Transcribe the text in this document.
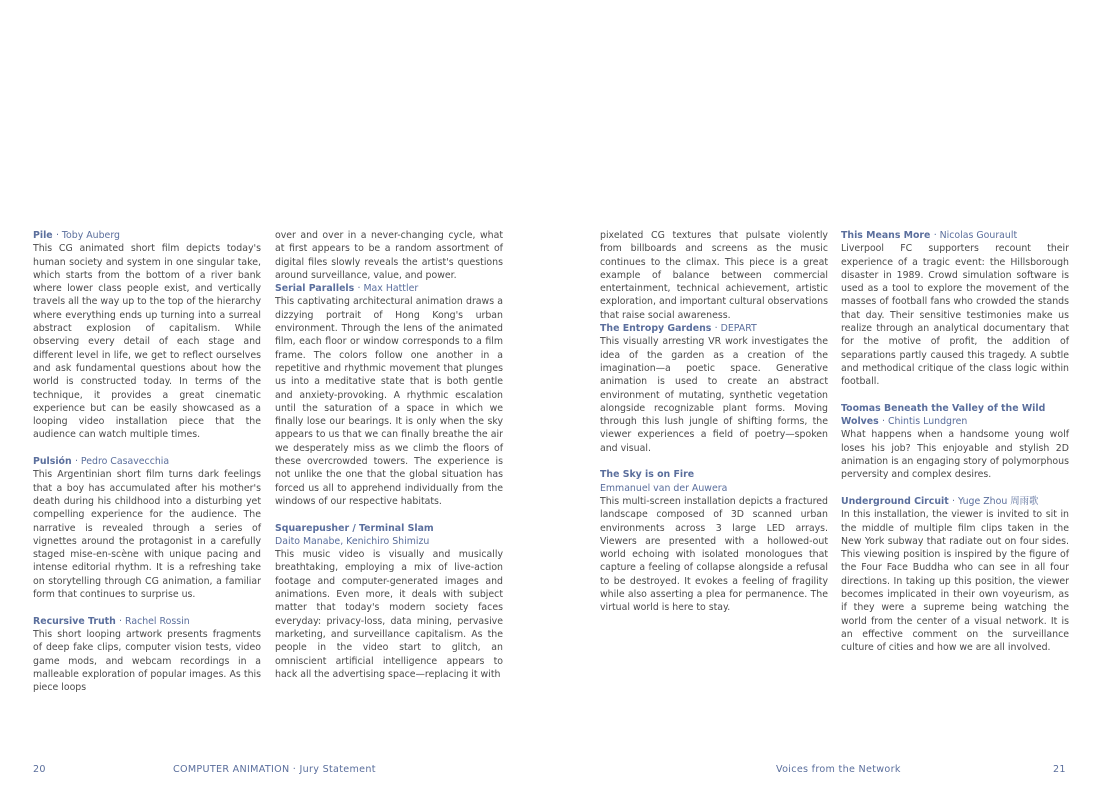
Pile · Toby Auberg

This CG animated short film depicts today's human society and system in one singular take, which starts from the bottom of a river bank where lower class people exist, and vertically travels all the way up to the top of the hierarchy where everything ends up turning into a surreal abstract explosion of capitalism. While observing every detail of each stage and different level in life, we get to reflect ourselves and ask fundamental questions about how the world is constructed today. In terms of the technique, it provides a great cinematic experience but can be easily showcased as a looping video installation piece that the audience can watch multiple times.

Pulsión · Pedro Casavecchia

This Argentinian short film turns dark feelings that a boy has accumulated after his mother's death during his childhood into a disturbing yet compelling experience for the audience. The narrative is revealed through a series of vignettes around the protagonist in a carefully staged mise-en-scène with unique pacing and intense editorial rhythm. It is a refreshing take on storytelling through CG animation, a familiar form that continues to surprise us.

Recursive Truth · Rachel Rossin

This short looping artwork presents fragments of deep fake clips, computer vision tests, video game mods, and webcam recordings in a malleable exploration of popular images. As this piece loops

over and over in a never-changing cycle, what at first appears to be a random assortment of digital files slowly reveals the artist's questions around surveillance, value, and power.

Serial Parallels · Max Hattler

This captivating architectural animation draws a dizzying portrait of Hong Kong's urban environment. Through the lens of the animated film, each floor or window corresponds to a film frame. The colors follow one another in a repetitive and rhythmic movement that plunges us into a meditative state that is both gentle and anxiety-provoking. A rhythmic escalation until the saturation of a space in which we finally lose our bearings. It is only when the sky appears to us that we can finally breathe the air we desperately miss as we climb the floors of these overcrowded towers. The experience is not unlike the one that the global situation has forced us all to apprehend individually from the windows of our respective habitats.

Squarepusher / Terminal Slam
Daito Manabe, Kenichiro Shimizu

This music video is visually and musically breathtaking, employing a mix of live-action footage and computer-generated images and animations. Even more, it deals with subject matter that today's modern society faces everyday: privacy-loss, data mining, pervasive marketing, and surveillance capitalism. As the people in the video start to glitch, an omniscient artificial intelligence appears to hack all the advertising space—replacing it with

pixelated CG textures that pulsate violently from billboards and screens as the music continues to the climax. This piece is a great example of balance between commercial entertainment, technical achievement, artistic exploration, and important cultural observations that raise social awareness.

The Entropy Gardens · DEPART

This visually arresting VR work investigates the idea of the garden as a creation of the imagination—a poetic space. Generative animation is used to create an abstract environment of mutating, synthetic vegetation alongside recognizable plant forms. Moving through this lush jungle of shifting forms, the viewer experiences a field of poetry—spoken and visual.

The Sky is on Fire
Emmanuel van der Auwera

This multi-screen installation depicts a fractured landscape composed of 3D scanned urban environments across 3 large LED arrays. Viewers are presented with a hollowed-out world echoing with isolated monologues that capture a feeling of collapse alongside a refusal to be destroyed. It evokes a feeling of fragility while also asserting a plea for permanence. The virtual world is here to stay.

This Means More · Nicolas Gourault

Liverpool FC supporters recount their experience of a tragic event: the Hillsborough disaster in 1989. Crowd simulation software is used as a tool to explore the movement of the masses of football fans who crowded the stands that day. Their sensitive testimonies make us realize through an analytical documentary that for the motive of profit, the addition of separations partly caused this tragedy. A subtle and methodical critique of the class logic within football.

Toomas Beneath the Valley of the Wild Wolves · Chintis Lundgren

What happens when a handsome young wolf loses his job? This enjoyable and stylish 2D animation is an engaging story of polymorphous perversity and complex desires.

Underground Circuit · Yuge Zhou 周雨歌

In this installation, the viewer is invited to sit in the middle of multiple film clips taken in the New York subway that radiate out on four sides. This viewing position is inspired by the figure of the Four Face Buddha who can see in all four directions. In taking up this position, the viewer becomes implicated in their own voyeurism, as if they were a supreme being watching the world from the center of a visual network. It is an effective comment on the surveillance culture of cities and how we are all involved.

20	COMPUTER ANIMATION · Jury Statement	Voices from the Network	21
